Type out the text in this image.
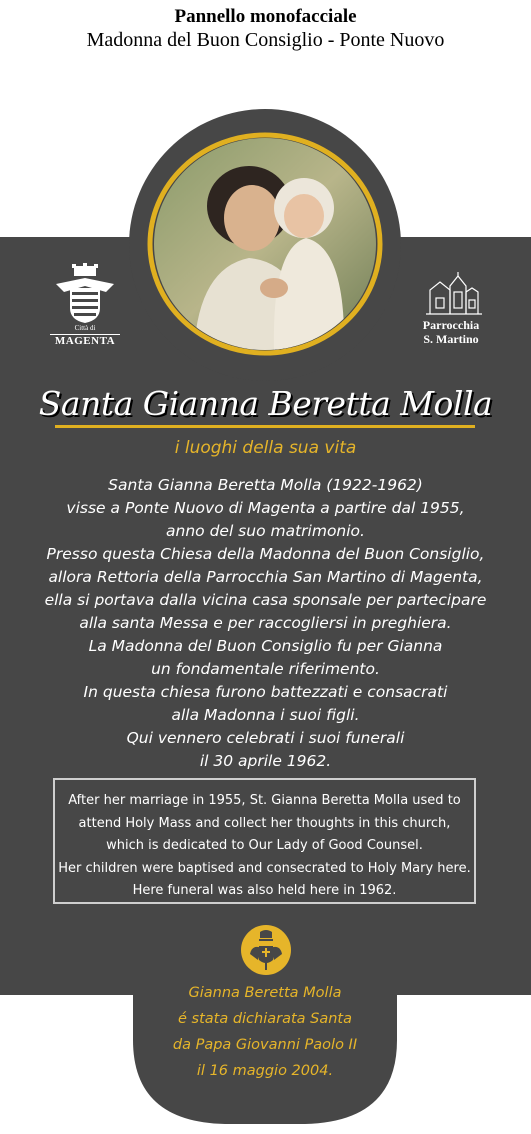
Pannello monofacciale
Madonna del Buon Consiglio - Ponte Nuovo
Città di
MAGENTA
Parrocchia
S. Martino
Santa Gianna Beretta Molla
i luoghi della sua vita
Santa Gianna Beretta Molla (1922-1962)
visse a Ponte Nuovo di Magenta a partire dal 1955,
anno del suo matrimonio.
Presso questa Chiesa della Madonna del Buon Consiglio,
allora Rettoria della Parrocchia San Martino di Magenta,
ella si portava dalla vicina casa sponsale per partecipare
alla santa Messa e per raccogliersi in preghiera.
La Madonna del Buon Consiglio fu per Gianna
un fondamentale riferimento.
In questa chiesa furono battezzati e consacrati
alla Madonna i suoi figli.
Qui vennero celebrati i suoi funerali
il 30 aprile 1962.
After her marriage in 1955, St. Gianna Beretta Molla used to
attend Holy Mass and collect her thoughts in this church,
which is dedicated to Our Lady of Good Counsel.
Her children were baptised and consecrated to Holy Mary here.
Here funeral was also held here in 1962.
Gianna Beretta Molla
é stata dichiarata Santa
da Papa Giovanni Paolo II
il 16 maggio 2004.
